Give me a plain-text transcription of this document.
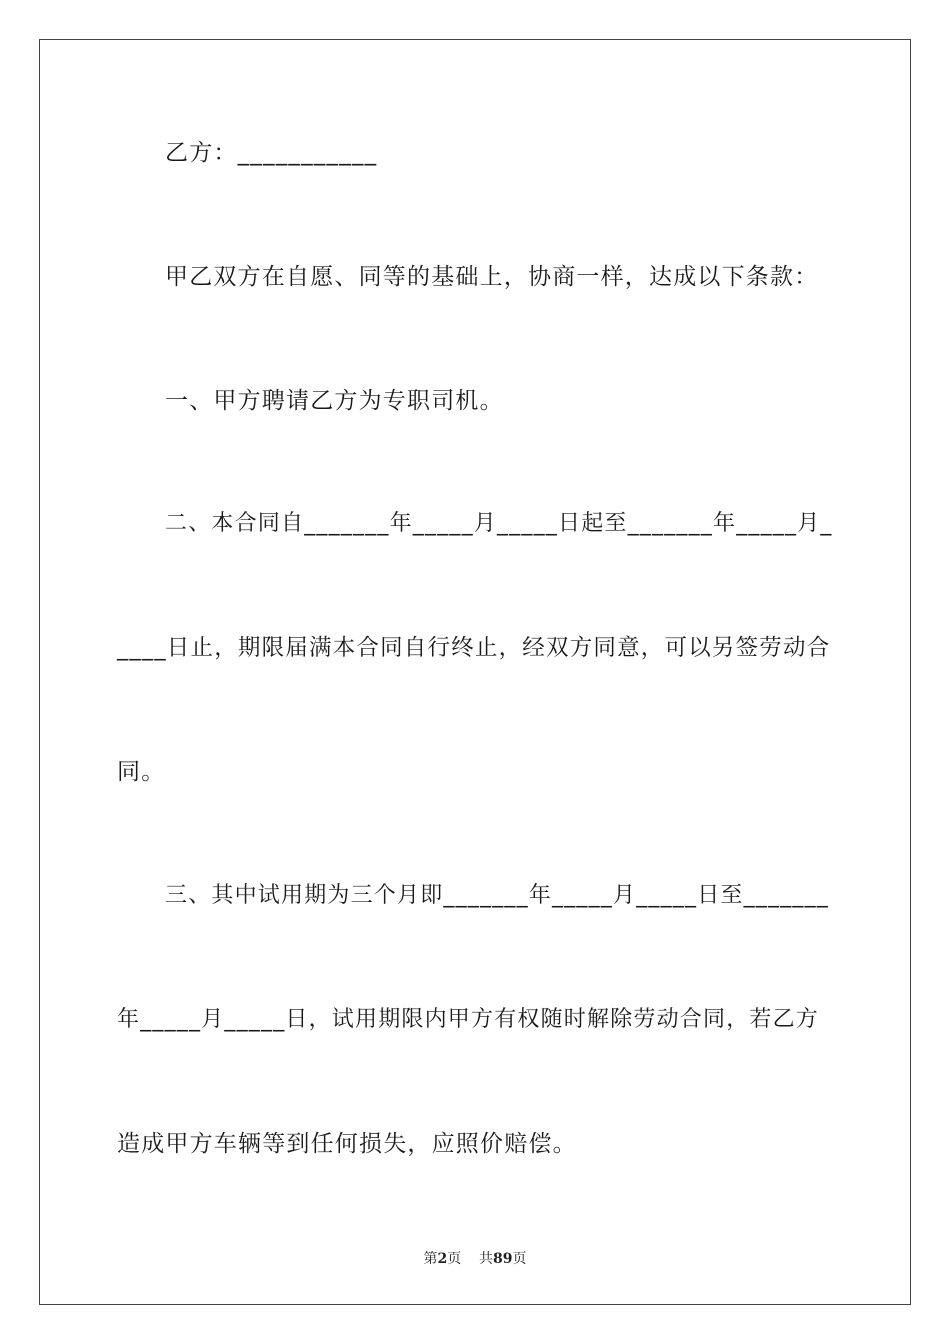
乙方：___________
甲乙双方在自愿、同等的基础上，协商一样，达成以下条款：
一、甲方聘请乙方为专职司机。
二、本合同自_______年_____月_____日起至_______年_____月_
____日止，期限届满本合同自行终止，经双方同意，可以另签劳动合
同。
三、其中试用期为三个月即_______年_____月_____日至_______
年_____月_____日，试用期限内甲方有权随时解除劳动合同，若乙方
造成甲方车辆等到任何损失，应照价赔偿。
第2页 共89页
